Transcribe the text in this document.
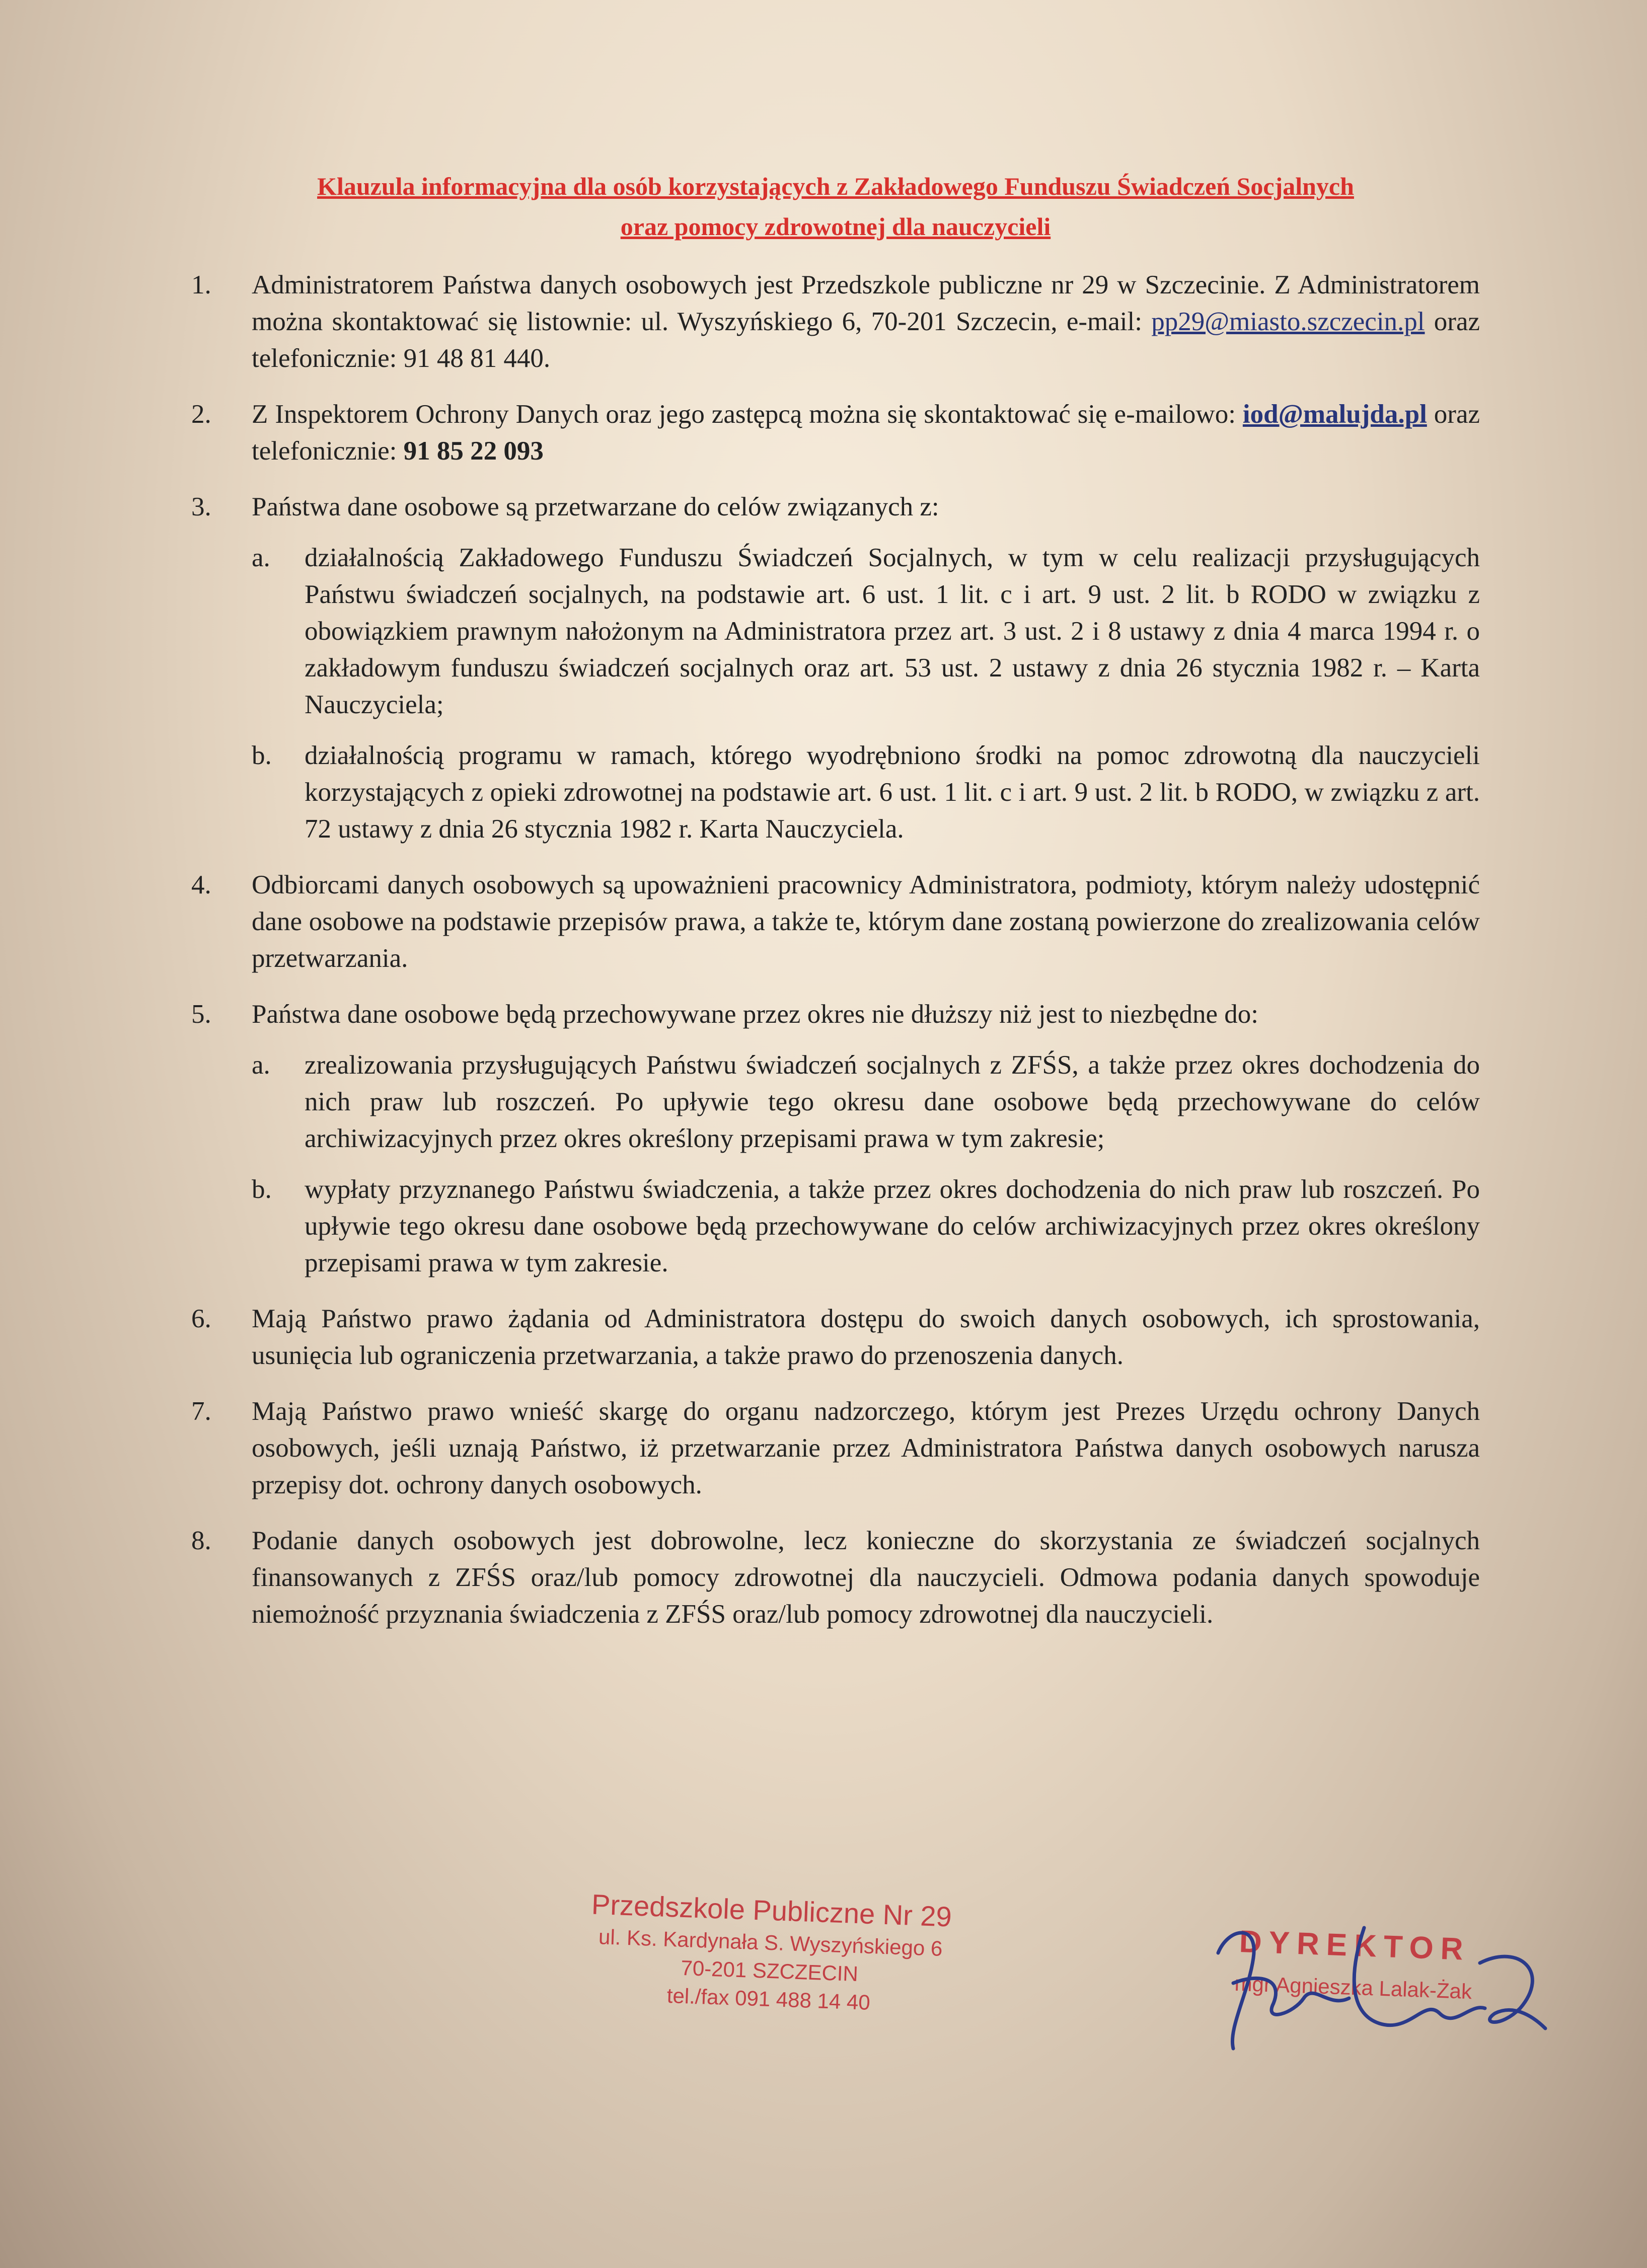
Klauzula informacyjna dla osób korzystających z Zakładowego Funduszu Świadczeń Socjalnych
oraz pomocy zdrowotnej dla nauczycieli
1. Administratorem Państwa danych osobowych jest Przedszkole publiczne nr 29 w Szczecinie. Z Administratorem można skontaktować się listownie: ul. Wyszyńskiego 6, 70-201 Szczecin, e-mail: pp29@miasto.szczecin.pl oraz telefonicznie: 91 48 81 440.
2. Z Inspektorem Ochrony Danych oraz jego zastępcą można się skontaktować się e-mailowo: iod@malujda.pl oraz telefonicznie: 91 85 22 093
3. Państwa dane osobowe są przetwarzane do celów związanych z:
a. działalnością Zakładowego Funduszu Świadczeń Socjalnych, w tym w celu realizacji przysługujących Państwu świadczeń socjalnych, na podstawie art. 6 ust. 1 lit. c i art. 9 ust. 2 lit. b RODO w związku z obowiązkiem prawnym nałożonym na Administratora przez art. 3 ust. 2 i 8 ustawy z dnia 4 marca 1994 r. o zakładowym funduszu świadczeń socjalnych oraz art. 53 ust. 2 ustawy z dnia 26 stycznia 1982 r. – Karta Nauczyciela;
b. działalnością programu w ramach, którego wyodrębniono środki na pomoc zdrowotną dla nauczycieli korzystających z opieki zdrowotnej na podstawie art. 6 ust. 1 lit. c i art. 9 ust. 2 lit. b RODO, w związku z art. 72 ustawy z dnia 26 stycznia 1982 r. Karta Nauczyciela.
4. Odbiorcami danych osobowych są upoważnieni pracownicy Administratora, podmioty, którym należy udostępnić dane osobowe na podstawie przepisów prawa, a także te, którym dane zostaną powierzone do zrealizowania celów przetwarzania.
5. Państwa dane osobowe będą przechowywane przez okres nie dłuższy niż jest to niezbędne do:
a. zrealizowania przysługujących Państwu świadczeń socjalnych z ZFŚS, a także przez okres dochodzenia do nich praw lub roszczeń. Po upływie tego okresu dane osobowe będą przechowywane do celów archiwizacyjnych przez okres określony przepisami prawa w tym zakresie;
b. wypłaty przyznanego Państwu świadczenia, a także przez okres dochodzenia do nich praw lub roszczeń. Po upływie tego okresu dane osobowe będą przechowywane do celów archiwizacyjnych przez okres określony przepisami prawa w tym zakresie.
6. Mają Państwo prawo żądania od Administratora dostępu do swoich danych osobowych, ich sprostowania, usunięcia lub ograniczenia przetwarzania, a także prawo do przenoszenia danych.
7. Mają Państwo prawo wnieść skargę do organu nadzorczego, którym jest Prezes Urzędu ochrony Danych osobowych, jeśli uznają Państwo, iż przetwarzanie przez Administratora Państwa danych osobowych narusza przepisy dot. ochrony danych osobowych.
8. Podanie danych osobowych jest dobrowolne, lecz konieczne do skorzystania ze świadczeń socjalnych finansowanych z ZFŚS oraz/lub pomocy zdrowotnej dla nauczycieli. Odmowa podania danych spowoduje niemożność przyznania świadczenia z ZFŚS oraz/lub pomocy zdrowotnej dla nauczycieli.
Przedszkole Publiczne Nr 29
ul. Ks. Kardynała S. Wyszyńskiego 6
70-201 SZCZECIN
tel./fax 091 488 14 40
DYREKTOR
mgr Agnieszka Lalak-Żak
